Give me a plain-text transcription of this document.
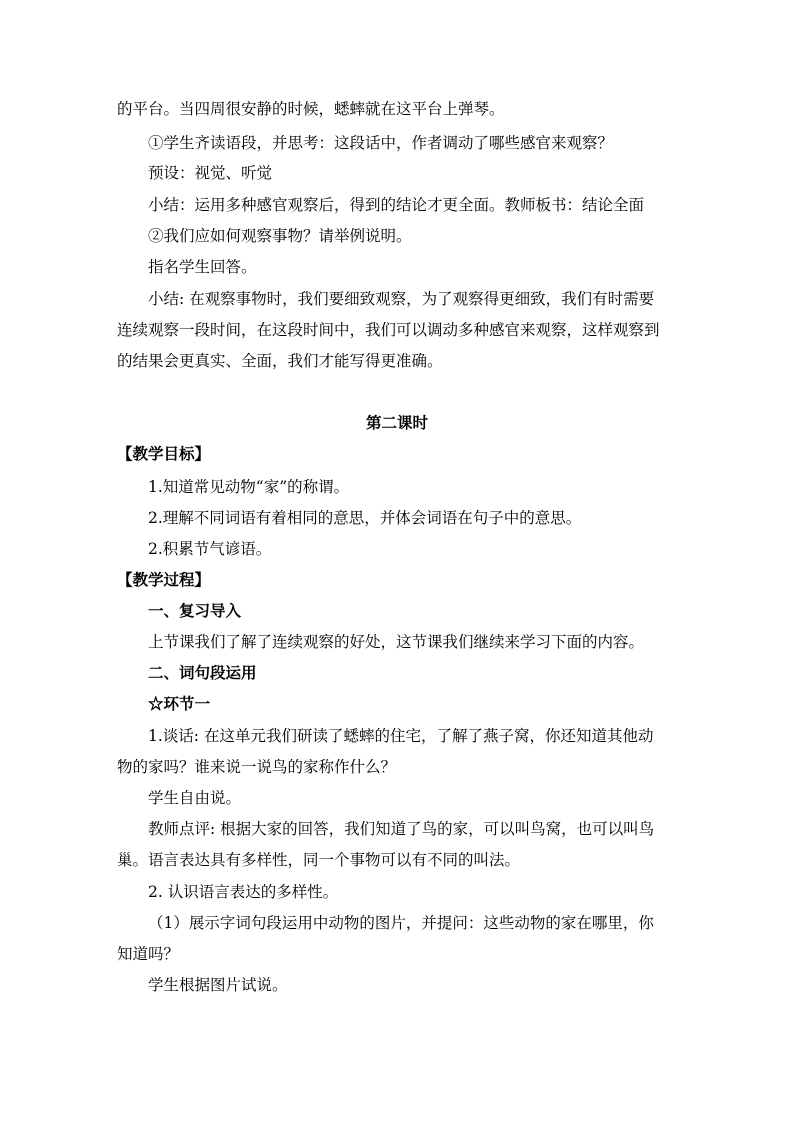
的平台。当四周很安静的时候，蟋蟀就在这平台上弹琴。
①学生齐读语段，并思考：这段话中，作者调动了哪些感官来观察？
预设：视觉、听觉
小结：运用多种感官观察后，得到的结论才更全面。教师板书：结论全面
②我们应如何观察事物？请举例说明。
指名学生回答。
小结: 在观察事物时，我们要细致观察，为了观察得更细致，我们有时需要
连续观察一段时间，在这段时间中，我们可以调动多种感官来观察，这样观察到
的结果会更真实、全面，我们才能写得更准确。
第二课时
【教学目标】
1.知道常见动物“家”的称谓。
2.理解不同词语有着相同的意思，并体会词语在句子中的意思。
2.积累节气谚语。
【教学过程】
一、复习导入
上节课我们了解了连续观察的好处，这节课我们继续来学习下面的内容。
二、词句段运用
☆环节一
1.谈话: 在这单元我们研读了蟋蟀的住宅，了解了燕子窝，你还知道其他动
物的家吗？谁来说一说鸟的家称作什么？
学生自由说。
教师点评: 根据大家的回答，我们知道了鸟的家，可以叫鸟窝，也可以叫鸟
巢。语言表达具有多样性，同一个事物可以有不同的叫法。
2. 认识语言表达的多样性。
（1）展示字词句段运用中动物的图片，并提问：这些动物的家在哪里，你
知道吗？
学生根据图片试说。
